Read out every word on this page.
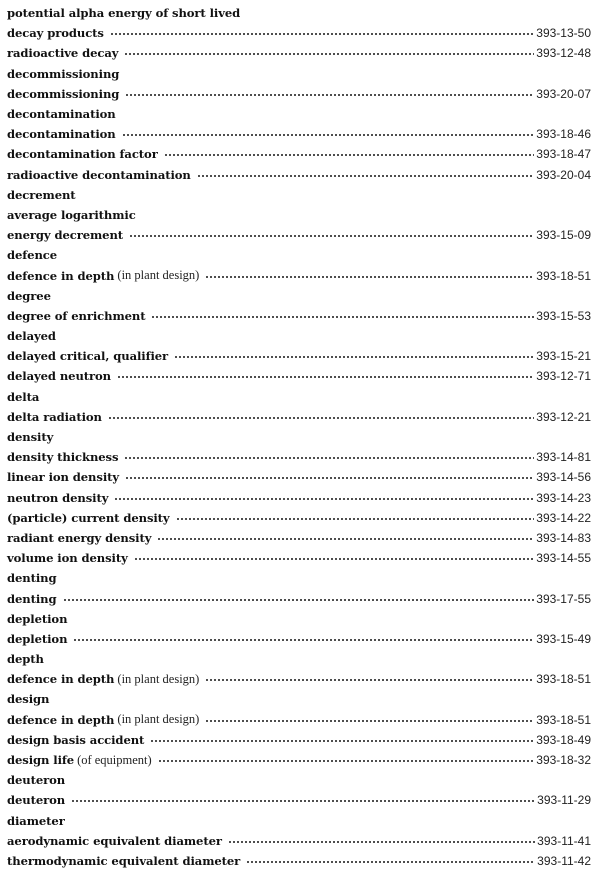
potential alpha energy of short lived
decay products	393-13-50
radioactive decay	393-12-48
decommissioning
decommissioning	393-20-07
decontamination
decontamination	393-18-46
decontamination factor	393-18-47
radioactive decontamination	393-20-04
decrement
average logarithmic
energy decrement	393-15-09
defence
defence in depth (in plant design)	393-18-51
degree
degree of enrichment	393-15-53
delayed
delayed critical, qualifier	393-15-21
delayed neutron	393-12-71
delta
delta radiation	393-12-21
density
density thickness	393-14-81
linear ion density	393-14-56
neutron density	393-14-23
(particle) current density	393-14-22
radiant energy density	393-14-83
volume ion density	393-14-55
denting
denting	393-17-55
depletion
depletion	393-15-49
depth
defence in depth (in plant design)	393-18-51
design
defence in depth (in plant design)	393-18-51
design basis accident	393-18-49
design life (of equipment)	393-18-32
deuteron
deuteron	393-11-29
diameter
aerodynamic equivalent diameter	393-11-41
thermodynamic equivalent diameter	393-11-42
